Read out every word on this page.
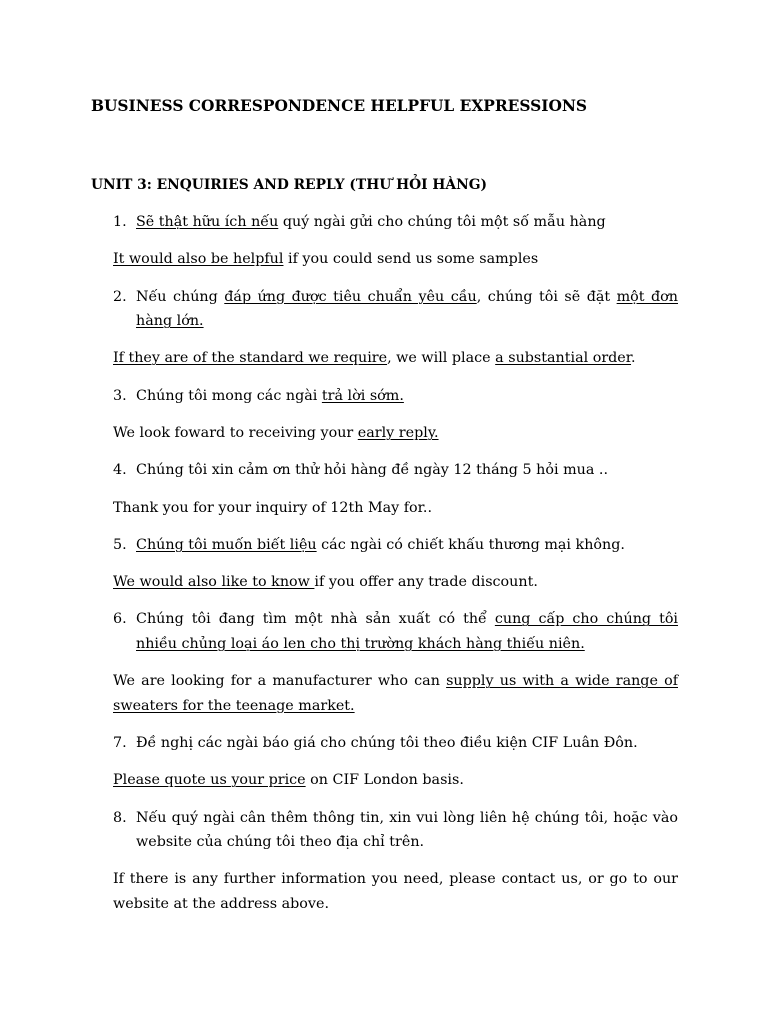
BUSINESS CORRESPONDENCE HELPFUL EXPRESSIONS
UNIT 3: ENQUIRIES AND REPLY (THƯ HỎI HÀNG)
1. Sẽ thật hữu ích nếu quý ngài gửi cho chúng tôi một số mẫu hàng
It would also be helpful if you could send us some samples
2. Nếu chúng đáp ứng được tiêu chuẩn yêu cầu, chúng tôi sẽ đặt một đơn
hàng lớn.
If they are of the standard we require, we will place a substantial order.
3. Chúng tôi mong các ngài trả lời sớm.
We look foward to receiving your early reply.
4. Chúng tôi xin cảm ơn thử hỏi hàng đề ngày 12 tháng 5 hỏi mua ..
Thank you for your inquiry of 12th May for..
5. Chúng tôi muốn biết liệu các ngài có chiết khấu thương mại không.
We would also like to know if you offer any trade discount.
6. Chúng tôi đang tìm một nhà sản xuất có thể cung cấp cho chúng tôi
nhiều chủng loại áo len cho thị trường khách hàng thiếu niên.
We are looking for a manufacturer who can supply us with a wide range of
sweaters for the teenage market.
7. Đề nghị các ngài báo giá cho chúng tôi theo điều kiện CIF Luân Đôn.
Please quote us your price on CIF London basis.
8. Nếu quý ngài cân thêm thông tin, xin vui lòng liên hệ chúng tôi, hoặc vào
website của chúng tôi theo địa chỉ trên.
If there is any further information you need, please contact us, or go to our
website at the address above.
